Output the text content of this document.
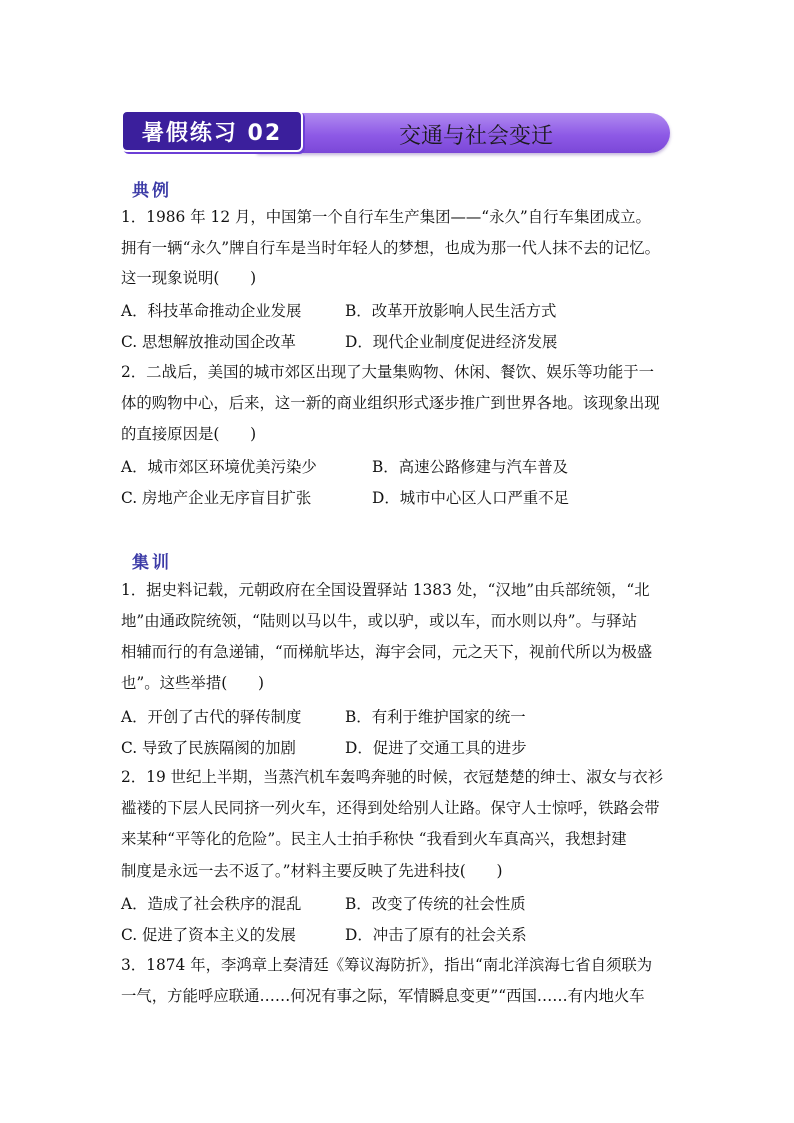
暑假练习 02	交通与社会变迁
典例
1．1986 年 12 月，中国第一个自行车生产集团——“永久”自行车集团成立。
拥有一辆“永久”牌自行车是当时年轻人的梦想，也成为那一代人抹不去的记忆。
这一现象说明(　　)
A．科技革命推动企业发展	B．改革开放影响人民生活方式
C. 思想解放推动国企改革	D．现代企业制度促进经济发展
2．二战后，美国的城市郊区出现了大量集购物、休闲、餐饮、娱乐等功能于一
体的购物中心，后来，这一新的商业组织形式逐步推广到世界各地。该现象出现
的直接原因是(　　)
A．城市郊区环境优美污染少	B．高速公路修建与汽车普及
C. 房地产企业无序盲目扩张	D．城市中心区人口严重不足
集训
1．据史料记载，元朝政府在全国设置驿站 1383 处，“汉地”由兵部统领，“北
地”由通政院统领，“陆则以马以牛，或以驴，或以车，而水则以舟”。与驿站
相辅而行的有急递铺，“而梯航毕达，海宇会同，元之天下，视前代所以为极盛
也”。这些举措(　　)
A．开创了古代的驿传制度	B．有利于维护国家的统一
C. 导致了民族隔阂的加剧	D．促进了交通工具的进步
2．19 世纪上半期，当蒸汽机车轰鸣奔驰的时候，衣冠楚楚的绅士、淑女与衣衫
褴褛的下层人民同挤一列火车，还得到处给别人让路。保守人士惊呼，铁路会带
来某种“平等化的危险”。民主人士拍手称快 “我看到火车真高兴，我想封建
制度是永远一去不返了。”材料主要反映了先进科技(　　)
A．造成了社会秩序的混乱	B．改变了传统的社会性质
C. 促进了资本主义的发展	D．冲击了原有的社会关系
3．1874 年，李鸿章上奏清廷《筹议海防折》，指出“南北洋滨海七省自须联为
一气，方能呼应联通……何况有事之际，军情瞬息变更”“西国……有内地火车
